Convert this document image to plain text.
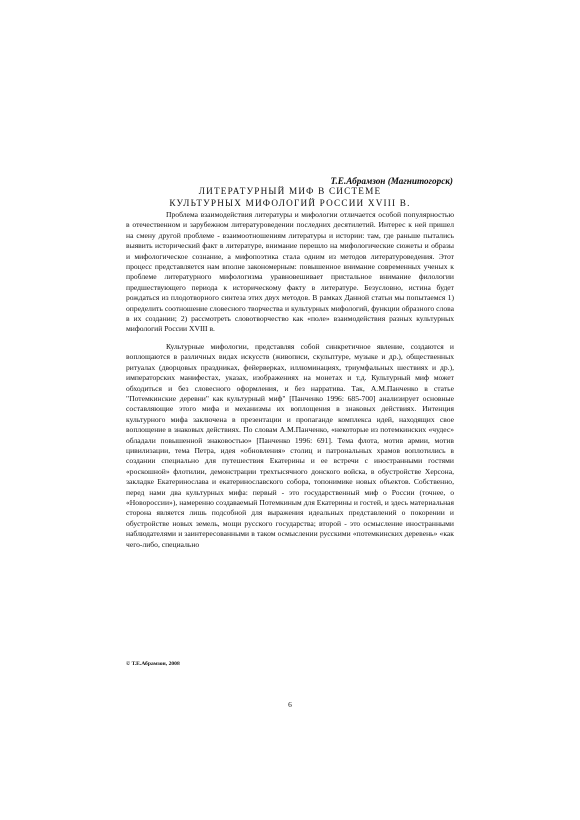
Т.Е.Абрамзон (Магнитогорск)
ЛИТЕРАТУРНЫЙ МИФ В СИСТЕМЕ
КУЛЬТУРНЫХ МИФОЛОГИЙ РОССИИ XVIII В.

Проблема взаимодействия литературы и мифологии отличается особой популярностью в отечественном и зарубежном литературоведении последних десятилетий. Интерес к ней пришел на смену другой проблеме - взаимоотношениям литературы и истории: там, где раньше пытались выявить исторический факт в литературе, внимание перешло на мифологические сюжеты и образы и мифологическое сознание, а мифопоэтика стала одним из методов литературоведения. Этот процесс представляется нам вполне закономерным: повышенное внимание современных ученых к проблеме литературного мифологизма уравновешивает пристальное внимание филологии предшествующего периода к историческому факту в литературе. Безусловно, истина будет рождаться из плодотворного синтеза этих двух методов. В рамках Данной статьи мы попытаемся 1) определить соотношение словесного творчества и культурных мифологий, функции образного слова в их создании; 2) рассмотреть словотворчество как «поле» взаимодействия разных культурных мифологий России XVIII в.

Культурные мифологии, представляя собой синкретичное явление, создаются и воплощаются в различных видах искусств (живописи, скульптуре, музыке и др.), общественных ритуалах (дворцовых праздниках, фейерверках, иллюминациях, триумфальных шествиях и др.), императорских манифестах, указах, изображениях на монетах и т.д. Культурный миф может обходиться и без словесного оформления, и без нарратива. Так, А.М.Панченко в статье "Потемкинские деревни" как культурный миф" [Панченко 1996: 685-700] анализирует основные составляющие этого мифа и механизмы их воплощения в знаковых действиях. Интенция культурного мифа заключена в презентации и пропаганде комплекса идей, находящих свое воплощение в знаковых действиях. По словам А.М.Панченко, «некоторые из потемкинских «чудес» обладали повышенной знаковостью» [Панченко 1996: 691]. Тема флота, мотив армии, мотив цивилизации, тема Петра, идея «обновления» столиц и патрональных храмов воплотились в создании специально для путешествия Екатерины и ее встречи с иностранными гостями «роскошной» флотилии, демонстрации трехтысячного донского войска, в обустройстве Херсона, закладке Екатеринослава и екатеринославского собора, топонимике новых объектов. Собственно, перед нами два культурных мифа: первый - это государственный миф о России (точнее, о «Новороссии»), намеренно создаваемый Потемкиным для Екатерины и гостей, и здесь материальная сторона является лишь подсобной для выражения идеальных представлений о покорении и обустройстве новых земель, мощи русского государства; второй - это осмысление иностранными наблюдателями и заинтересованными в таком осмыслении русскими «потемкинских деревень» «как чего-либо, специально

© Т.Е.Абрамзон, 2008
6
